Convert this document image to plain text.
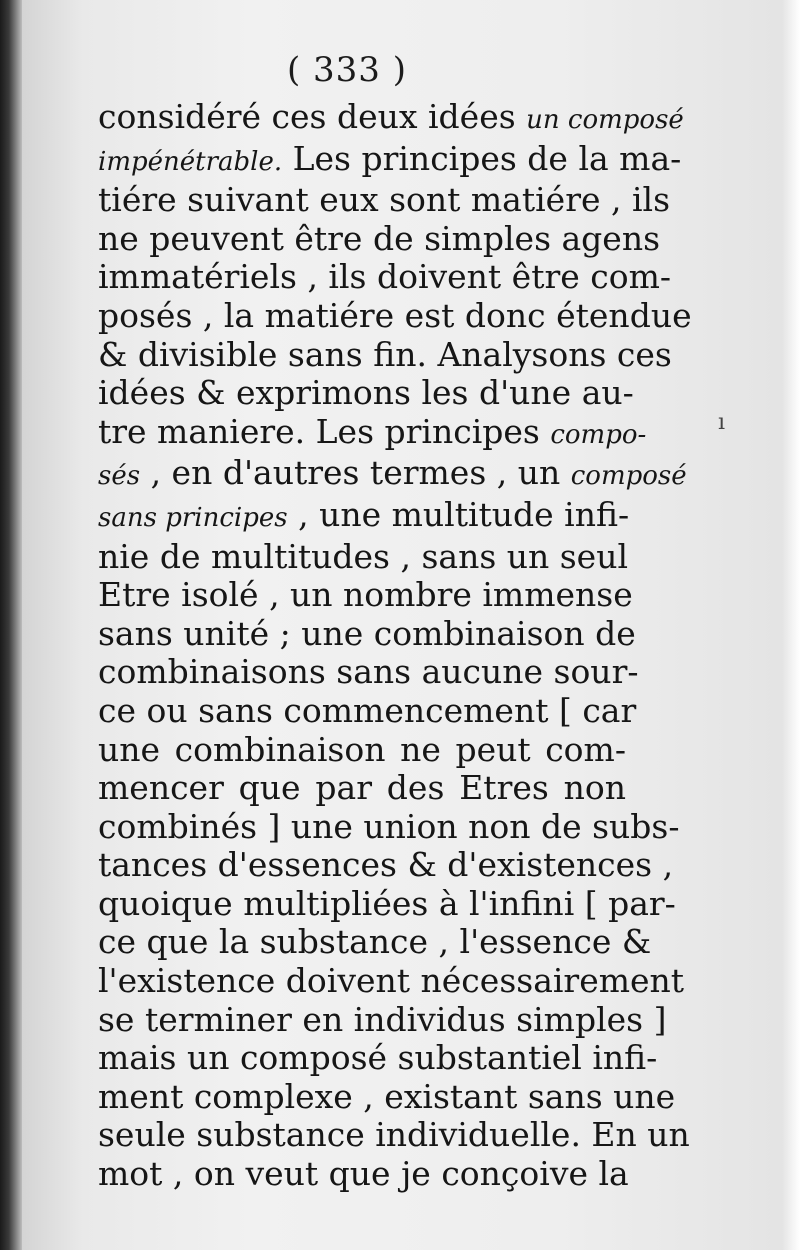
( 333 )
considéré ces deux idées un composé
impénétrable. Les principes de la ma-
tiére suivant eux sont matiére , ils
ne peuvent être de simples agens
immatériels , ils doivent être com-
posés , la matiére est donc étendue
& divisible sans fin. Analysons ces
idées & exprimons les d'une au-
tre maniere. Les principes compo-
sés , en d'autres termes , un composé
sans principes , une multitude infi-
nie de multitudes , sans un seul
Etre isolé , un nombre immense
sans unité ; une combinaison de
combinaisons sans aucune sour-
ce ou sans commencement [ car
une combinaison ne peut com-
mencer que par des Etres non
combinés ] une union non de subs-
tances d'essences & d'existences ,
quoique multipliées à l'infini [ par-
ce que la substance , l'essence &
l'existence doivent nécessairement
se terminer en individus simples ]
mais un composé substantiel infi-
ment complexe , existant sans une
seule substance individuelle. En un
mot , on veut que je conçoive la
ı
